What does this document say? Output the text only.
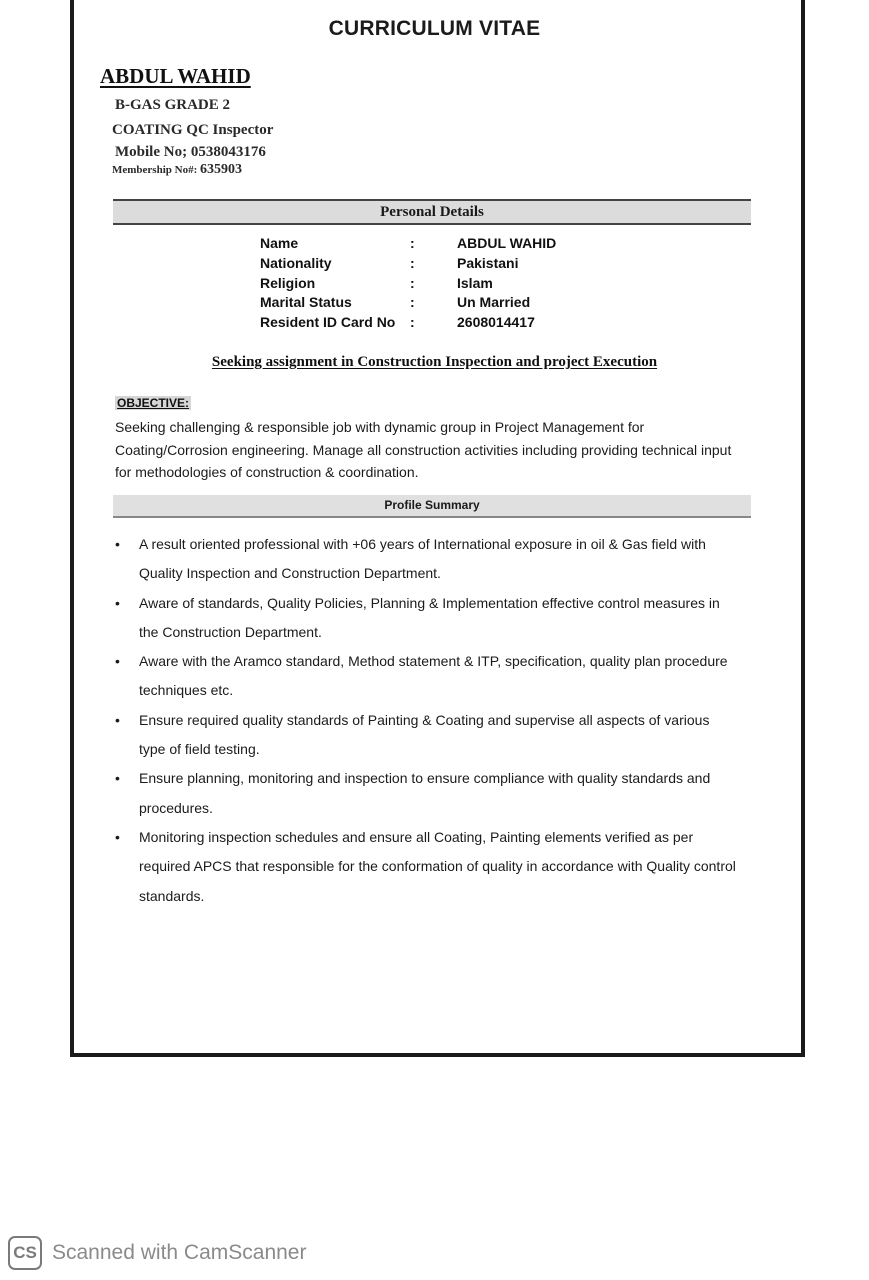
CURRICULUM VITAE
ABDUL WAHID
B-GAS GRADE 2
COATING QC Inspector
Mobile No; 0538043176
Membership No#: 635903
Personal Details
Name	:	ABDUL WAHID
Nationality	:	Pakistani
Religion	:	Islam
Marital Status	:	Un Married
Resident ID Card No	:	2608014417
Seeking assignment in Construction Inspection and project Execution
OBJECTIVE:
Seeking challenging & responsible job with dynamic group in Project Management for Coating/Corrosion engineering. Manage all construction activities including providing technical input for methodologies of construction & coordination.
Profile Summary
• A result oriented professional with +06 years of International exposure in oil & Gas field with Quality Inspection and Construction Department.
• Aware of standards, Quality Policies, Planning & Implementation effective control measures in the Construction Department.
• Aware with the Aramco standard, Method statement & ITP, specification, quality plan procedure techniques etc.
• Ensure required quality standards of Painting & Coating and supervise all aspects of various type of field testing.
• Ensure planning, monitoring and inspection to ensure compliance with quality standards and procedures.
• Monitoring inspection schedules and ensure all Coating, Painting elements verified as per required APCS that responsible for the conformation of quality in accordance with Quality control standards.
CS Scanned with CamScanner
